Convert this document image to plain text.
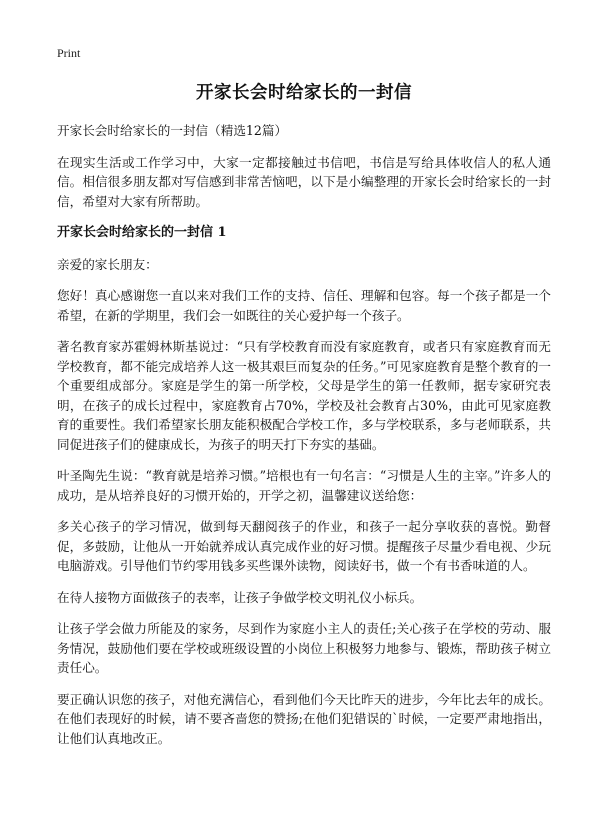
Print
开家长会时给家长的一封信

开家长会时给家长的一封信（精选12篇）

在现实生活或工作学习中，大家一定都接触过书信吧，书信是写给具体收信人的私人通信。相信很多朋友都对写信感到非常苦恼吧，以下是小编整理的开家长会时给家长的一封信，希望对大家有所帮助。

开家长会时给家长的一封信 1

亲爱的家长朋友：

您好！真心感谢您一直以来对我们工作的支持、信任、理解和包容。每一个孩子都是一个希望，在新的学期里，我们会一如既往的关心爱护每一个孩子。

著名教育家苏霍姆林斯基说过：“只有学校教育而没有家庭教育，或者只有家庭教育而无学校教育，都不能完成培养人这一极其艰巨而复杂的任务。”可见家庭教育是整个教育的一个重要组成部分。家庭是学生的第一所学校，父母是学生的第一任教师，据专家研究表明，在孩子的成长过程中，家庭教育占70%，学校及社会教育占30%，由此可见家庭教育的重要性。我们希望家长朋友能积极配合学校工作，多与学校联系，多与老师联系，共同促进孩子们的健康成长，为孩子的明天打下夯实的基础。

叶圣陶先生说：“教育就是培养习惯。”培根也有一句名言：“习惯是人生的主宰。”许多人的成功，是从培养良好的习惯开始的，开学之初，温馨建议送给您：

多关心孩子的学习情况，做到每天翻阅孩子的作业，和孩子一起分享收获的喜悦。勤督促，多鼓励，让他从一开始就养成认真完成作业的好习惯。提醒孩子尽量少看电视、少玩电脑游戏。引导他们节约零用钱多买些课外读物，阅读好书，做一个有书香味道的人。

在待人接物方面做孩子的表率，让孩子争做学校文明礼仪小标兵。

让孩子学会做力所能及的家务，尽到作为家庭小主人的责任;关心孩子在学校的劳动、服务情况，鼓励他们要在学校或班级设置的小岗位上积极努力地参与、锻炼，帮助孩子树立责任心。

要正确认识您的孩子，对他充满信心，看到他们今天比昨天的进步，今年比去年的成长。在他们表现好的时候，请不要吝啬您的赞扬;在他们犯错误的`时候，一定要严肃地指出，让他们认真地改正。
